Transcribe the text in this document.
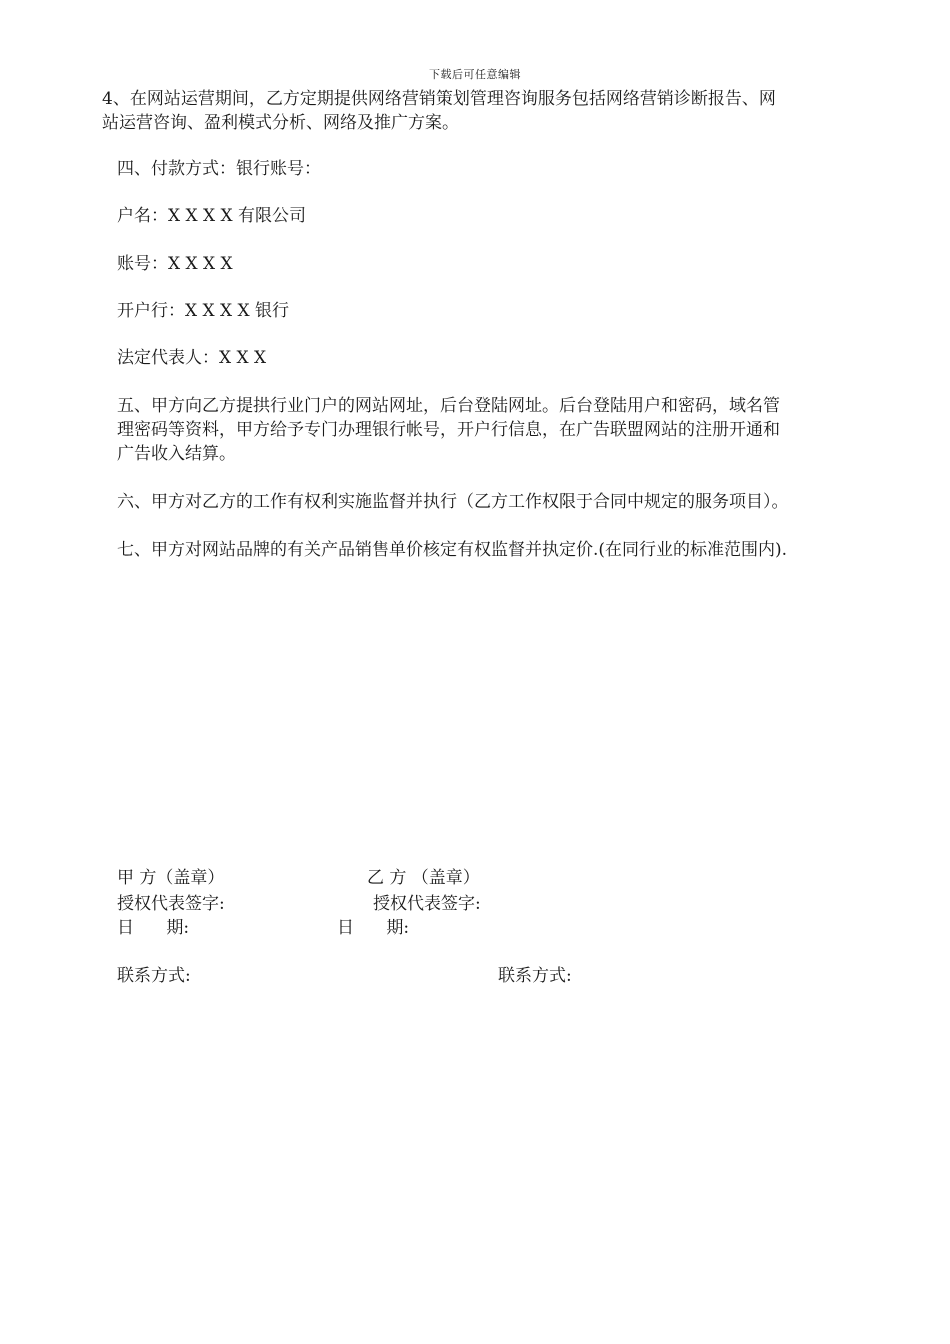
下载后可任意编辑
4、在网站运营期间，乙方定期提供网络营销策划管理咨询服务包括网络营销诊断报告、网
站运营咨询、盈利模式分析、网络及推广方案。
四、付款方式：银行账号：
户名：X X X X 有限公司
账号：X X X X
开户行：X X X X 银行
法定代表人：X X X
五、甲方向乙方提拱行业门户的网站网址，后台登陆网址。后台登陆用户和密码，域名管
理密码等资料，甲方给予专门办理银行帐号，开户行信息，在广告联盟网站的注册开通和
广告收入结算。
六、甲方对乙方的工作有权利实施监督并执行（乙方工作权限于合同中规定的服务项目）。
七、甲方对网站品牌的有关产品销售单价核定有权监督并执定价.(在同行业的标准范围内).
甲 方（盖章）	乙 方 （盖章）
授权代表签字:	授权代表签字:
日      期:	日      期:
联系方式:	联系方式:
